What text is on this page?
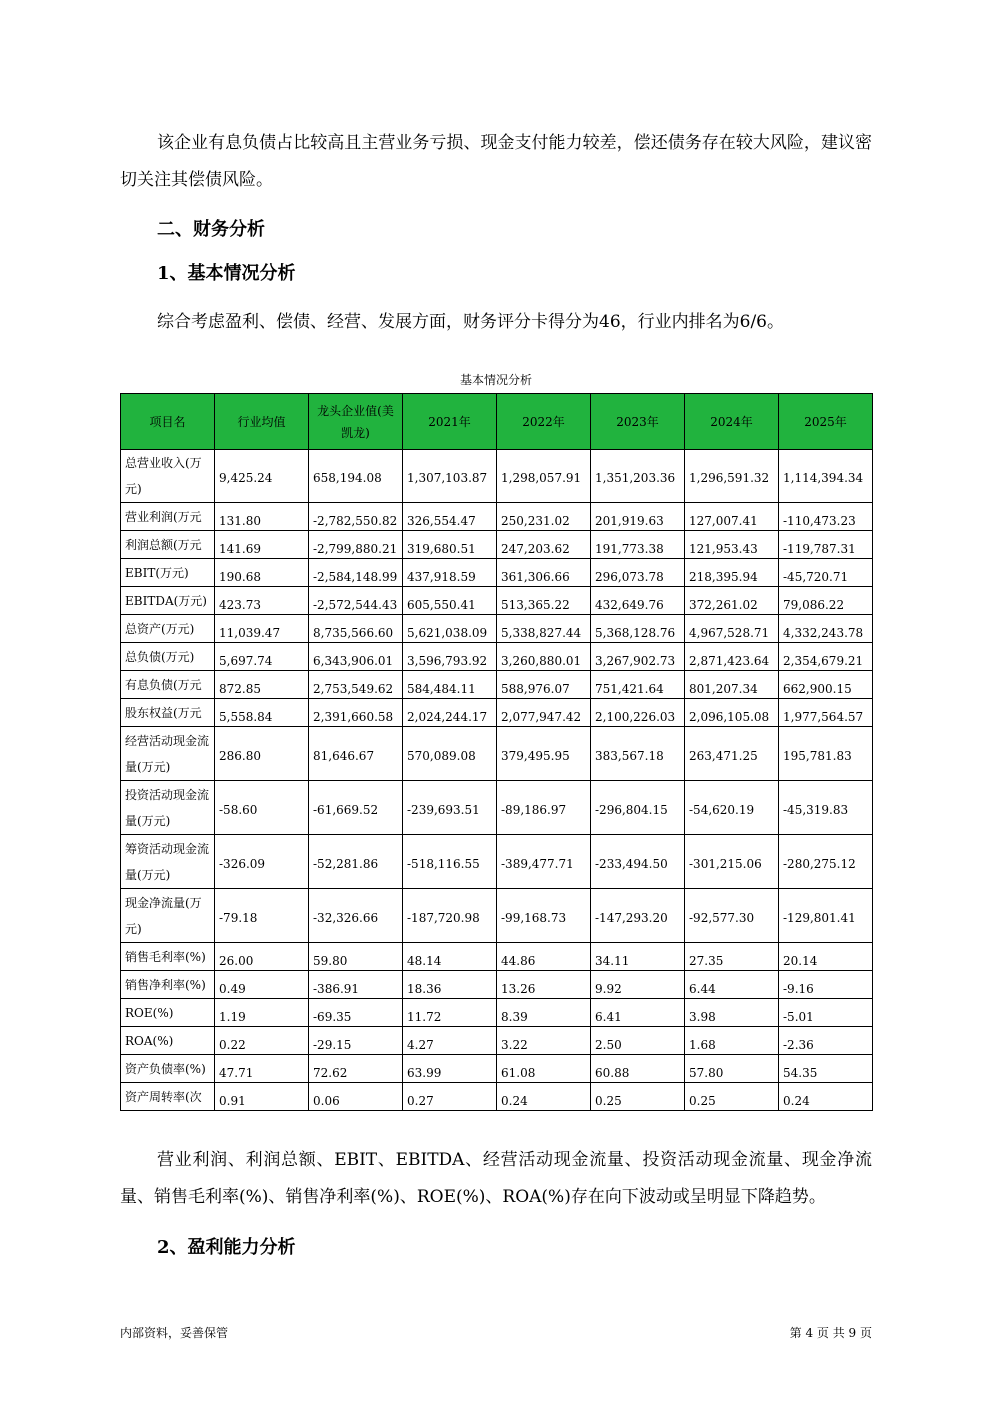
该企业有息负债占比较高且主营业务亏损、现金支付能力较差，偿还债务存在较大风险，建议密切关注其偿债风险。

二、财务分析
1、基本情况分析

综合考虑盈利、偿债、经营、发展方面，财务评分卡得分为46，行业内排名为6/6。

基本情况分析
项目名	行业均值	龙头企业值(美凯龙)	2021年	2022年	2023年	2024年	2025年
总营业收入(万元)	9,425.24	658,194.08	1,307,103.87	1,298,057.91	1,351,203.36	1,296,591.32	1,114,394.34
营业利润(万元	131.80	-2,782,550.82	326,554.47	250,231.02	201,919.63	127,007.41	-110,473.23
利润总额(万元	141.69	-2,799,880.21	319,680.51	247,203.62	191,773.38	121,953.43	-119,787.31
EBIT(万元)	190.68	-2,584,148.99	437,918.59	361,306.66	296,073.78	218,395.94	-45,720.71
EBITDA(万元)	423.73	-2,572,544.43	605,550.41	513,365.22	432,649.76	372,261.02	79,086.22
总资产(万元)	11,039.47	8,735,566.60	5,621,038.09	5,338,827.44	5,368,128.76	4,967,528.71	4,332,243.78
总负债(万元)	5,697.74	6,343,906.01	3,596,793.92	3,260,880.01	3,267,902.73	2,871,423.64	2,354,679.21
有息负债(万元	872.85	2,753,549.62	584,484.11	588,976.07	751,421.64	801,207.34	662,900.15
股东权益(万元	5,558.84	2,391,660.58	2,024,244.17	2,077,947.42	2,100,226.03	2,096,105.08	1,977,564.57
经营活动现金流量(万元)	286.80	81,646.67	570,089.08	379,495.95	383,567.18	263,471.25	195,781.83
投资活动现金流量(万元)	-58.60	-61,669.52	-239,693.51	-89,186.97	-296,804.15	-54,620.19	-45,319.83
筹资活动现金流量(万元)	-326.09	-52,281.86	-518,116.55	-389,477.71	-233,494.50	-301,215.06	-280,275.12
现金净流量(万元)	-79.18	-32,326.66	-187,720.98	-99,168.73	-147,293.20	-92,577.30	-129,801.41
销售毛利率(%)	26.00	59.80	48.14	44.86	34.11	27.35	20.14
销售净利率(%)	0.49	-386.91	18.36	13.26	9.92	6.44	-9.16
ROE(%)	1.19	-69.35	11.72	8.39	6.41	3.98	-5.01
ROA(%)	0.22	-29.15	4.27	3.22	2.50	1.68	-2.36
资产负债率(%)	47.71	72.62	63.99	61.08	60.88	57.80	54.35
资产周转率(次	0.91	0.06	0.27	0.24	0.25	0.25	0.24

营业利润、利润总额、EBIT、EBITDA、经营活动现金流量、投资活动现金流量、现金净流量、销售毛利率(%)、销售净利率(%)、ROE(%)、ROA(%)存在向下波动或呈明显下降趋势。

2、盈利能力分析
内部资料，妥善保管	第 4 页 共 9 页
